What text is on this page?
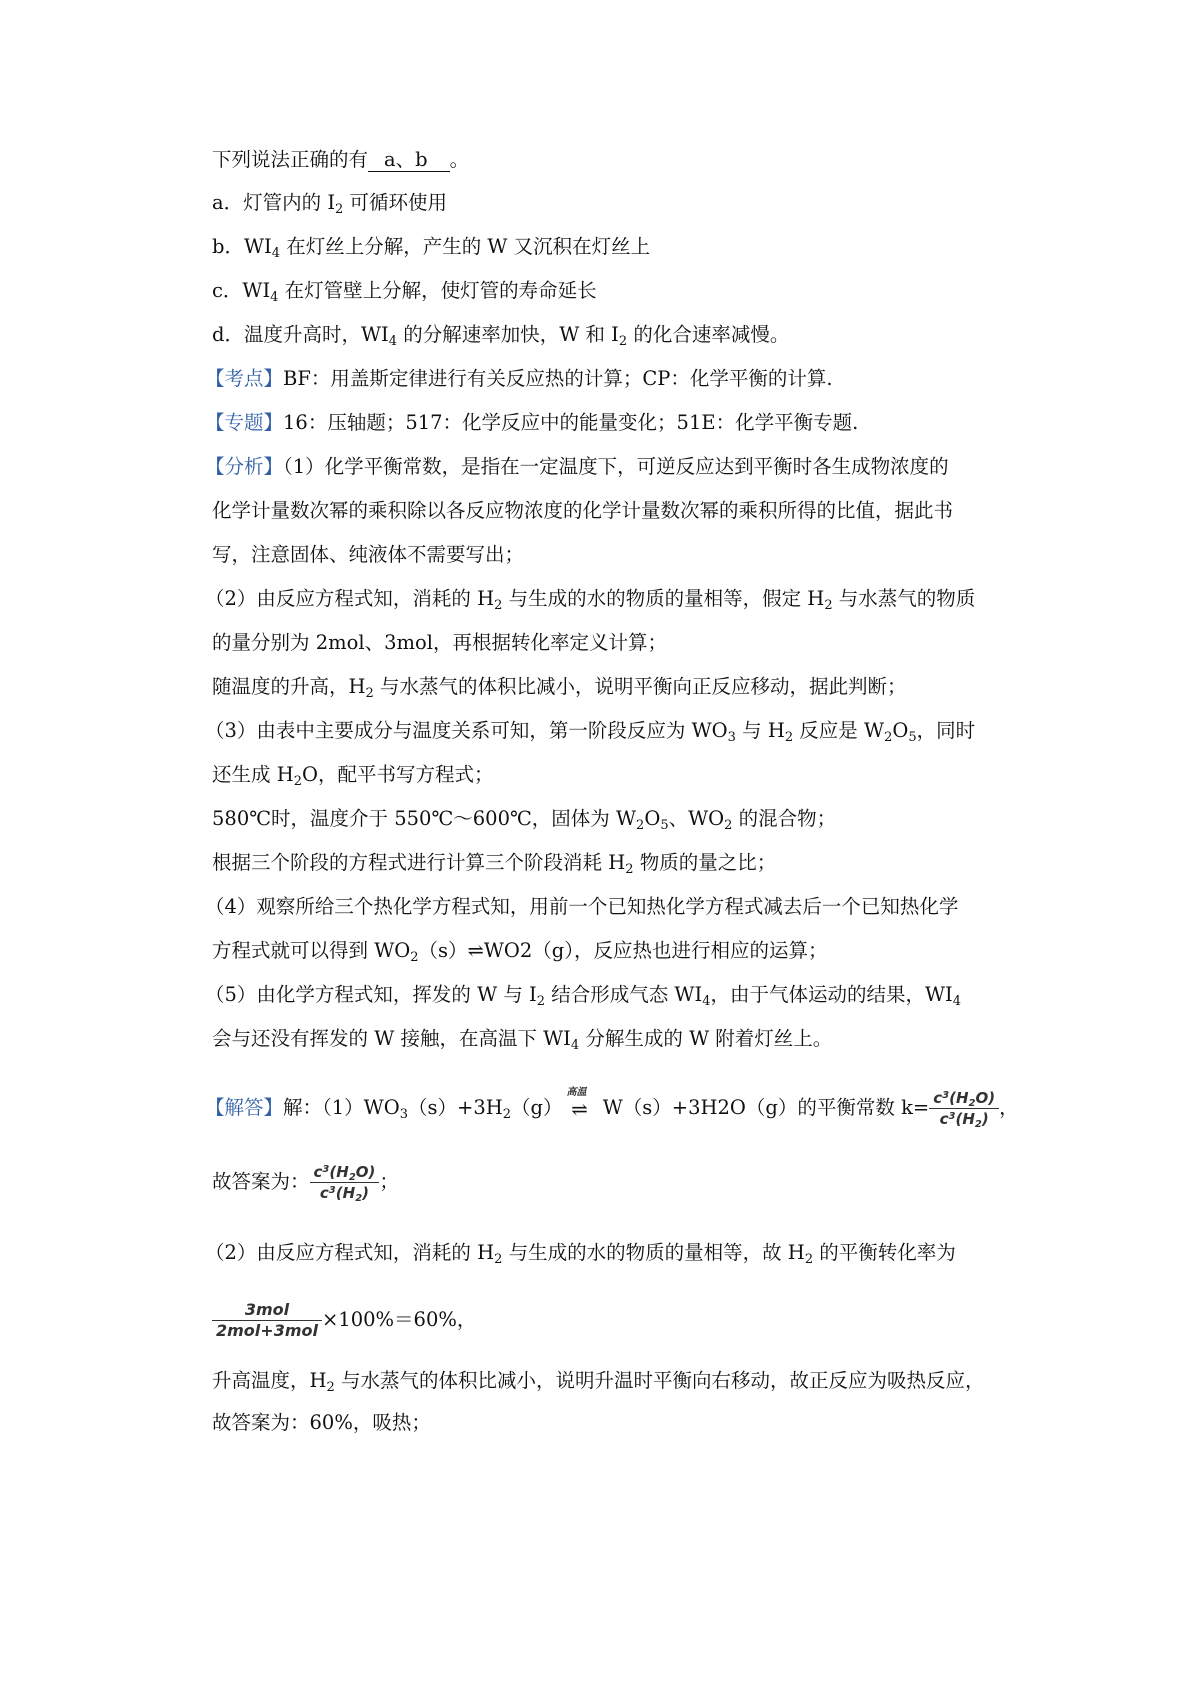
下列说法正确的有 a、b 。
a．灯管内的 $I_2$ 可循环使用
b．$WI_4$ 在灯丝上分解，产生的 W 又沉积在灯丝上
c．$WI_4$ 在灯管壁上分解，使灯管的寿命延长
d．温度升高时，$WI_4$ 的分解速率加快，W 和 $I_2$ 的化合速率减慢。
【考点】BF：用盖斯定律进行有关反应热的计算；CP：化学平衡的计算.
【专题】16：压轴题；517：化学反应中的能量变化；51E：化学平衡专题.
【分析】（1）化学平衡常数，是指在一定温度下，可逆反应达到平衡时各生成物浓度的
化学计量数次幂的乘积除以各反应物浓度的化学计量数次幂的乘积所得的比值，据此书
写，注意固体、纯液体不需要写出；
（2）由反应方程式知，消耗的 $H_2$ 与生成的水的物质的量相等，假定 $H_2$ 与水蒸气的物质
的量分别为 2mol、3mol，再根据转化率定义计算；
随温度的升高，$H_2$ 与水蒸气的体积比减小，说明平衡向正反应移动，据此判断；
（3）由表中主要成分与温度关系可知，第一阶段反应为 $WO_3$ 与 $H_2$ 反应是 $W_2O_5$，同时
还生成 $H_2O$，配平书写方程式；
580℃时，温度介于 550℃～600℃，固体为 $W_2O_5$、$WO_2$ 的混合物；
根据三个阶段的方程式进行计算三个阶段消耗 $H_2$ 物质的量之比；
（4）观察所给三个热化学方程式知，用前一个已知热化学方程式减去后一个已知热化学
方程式就可以得到 $WO_2(s)\rightleftharpoons WO2(g)$，反应热也进行相应的运算；
（5）由化学方程式知，挥发的 W 与 $I_2$ 结合形成气态 $WI_4$，由于气体运动的结果，$WI_4$
会与还没有挥发的 W 接触，在高温下 $WI_4$ 分解生成的 W 附着灯丝上。
【解答】解：$(1)WO_3(s)+3H_2(g)$
高温
⇌ W（s）+3H2O（g）的平衡常数 $k= \frac{c^3(H_2O)}{c^3(H_2)}$ ，
故答案为： $\frac{c^3(H_2O)}{c^3(H_2)}$ ；
（2）由反应方程式知，消耗的 $H_2$ 与生成的水的物质的量相等，故 $H_2$ 的平衡转化率为
$\frac{\text{3mol}}{\text{2mol+3mol}} \times 100\%=60\%$，
升高温度，$H_2$ 与水蒸气的体积比减小，说明升温时平衡向右移动，故正反应为吸热反应，
故答案为：60%，吸热；
